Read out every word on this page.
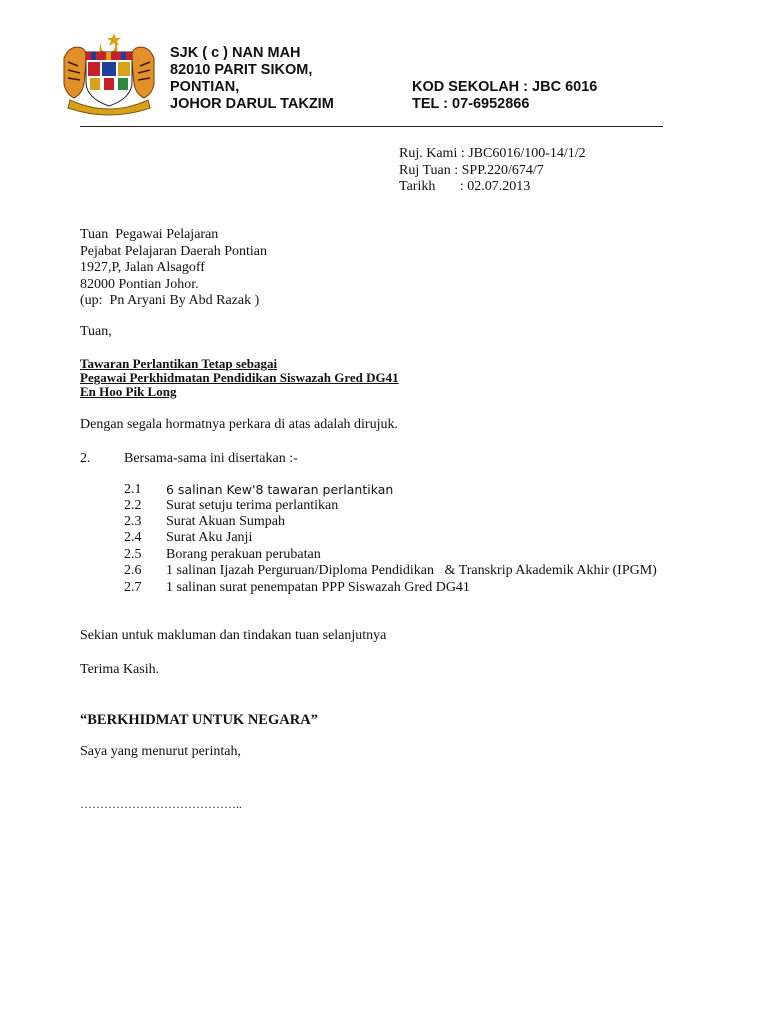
SJK ( c ) NAN MAH
82010 PARIT SIKOM,
PONTIAN,
JOHOR DARUL TAKZIM
KOD SEKOLAH : JBC 6016
TEL : 07-6952866
Ruj. Kami : JBC6016/100-14/1/2
Ruj Tuan : SPP.220/674/7
Tarikh       : 02.07.2013
Tuan  Pegawai Pelajaran
Pejabat Pelajaran Daerah Pontian
1927,P, Jalan Alsagoff
82000 Pontian Johor.
(up:  Pn Aryani By Abd Razak )
Tuan,
Tawaran Perlantikan Tetap sebagai
Pegawai Perkhidmatan Pendidikan Siswazah Gred DG41
En Hoo Pik Long
Dengan segala hormatnya perkara di atas adalah dirujuk.
2. Bersama-sama ini disertakan :-
2.1 6 salinan Kew'8 tawaran perlantikan
2.2 Surat setuju terima perlantikan
2.3 Surat Akuan Sumpah
2.4 Surat Aku Janji
2.5 Borang perakuan perubatan
2.6 1 salinan Ijazah Perguruan/Diploma Pendidikan   & Transkrip Akademik Akhir (IPGM)
2.7 1 salinan surat penempatan PPP Siswazah Gred DG41
Sekian untuk makluman dan tindakan tuan selanjutnya
Terima Kasih.
“BERKHIDMAT UNTUK NEGARA”
Saya yang menurut perintah,
…………………………………..
